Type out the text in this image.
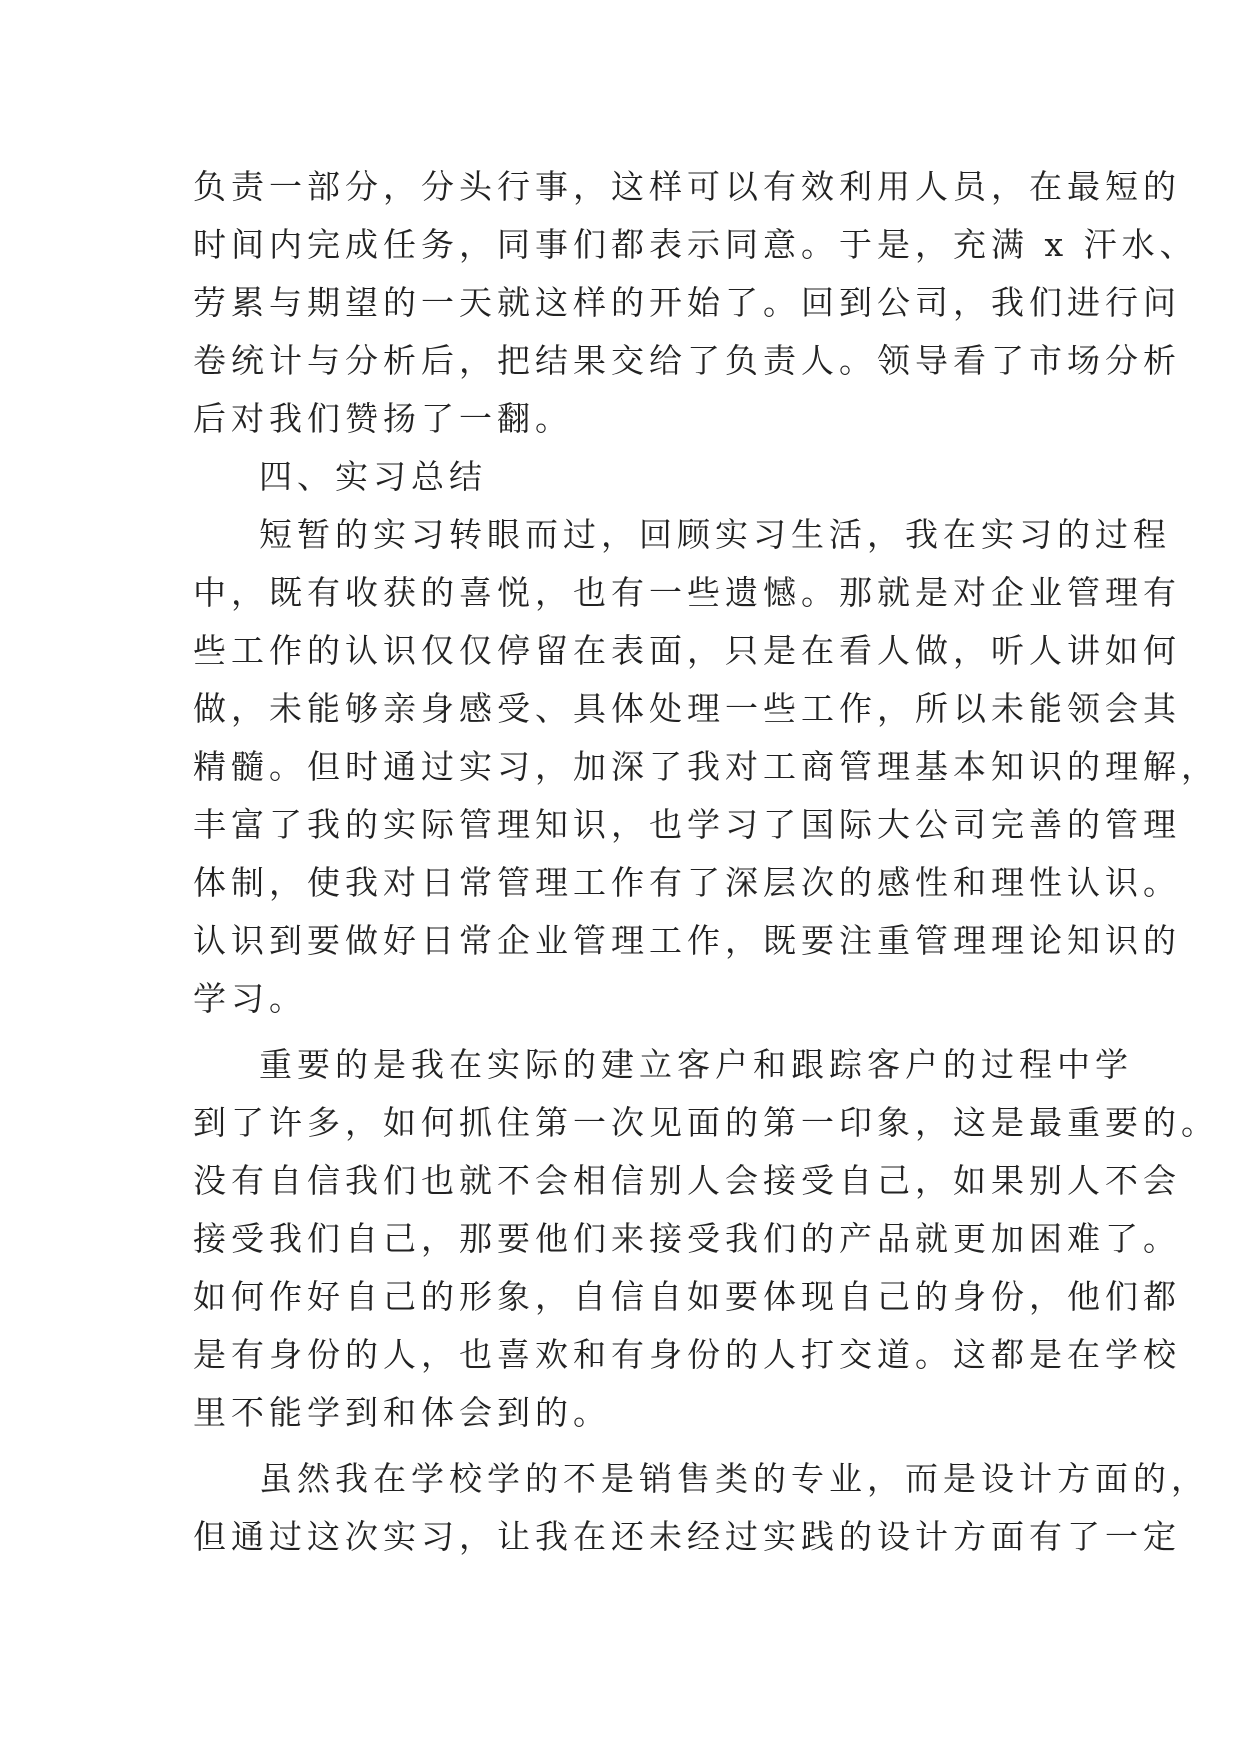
负责一部分，分头行事，这样可以有效利用人员，在最短的
时间内完成任务，同事们都表示同意。于是，充满 x 汗水、
劳累与期望的一天就这样的开始了。回到公司，我们进行问
卷统计与分析后，把结果交给了负责人。领导看了市场分析
后对我们赞扬了一翻。
四、实习总结
短暂的实习转眼而过，回顾实习生活，我在实习的过程
中，既有收获的喜悦，也有一些遗憾。那就是对企业管理有
些工作的认识仅仅停留在表面，只是在看人做，听人讲如何
做，未能够亲身感受、具体处理一些工作，所以未能领会其
精髓。但时通过实习，加深了我对工商管理基本知识的理解，
丰富了我的实际管理知识，也学习了国际大公司完善的管理
体制，使我对日常管理工作有了深层次的感性和理性认识。
认识到要做好日常企业管理工作，既要注重管理理论知识的
学习。
重要的是我在实际的建立客户和跟踪客户的过程中学
到了许多，如何抓住第一次见面的第一印象，这是最重要的。
没有自信我们也就不会相信别人会接受自己，如果别人不会
接受我们自己，那要他们来接受我们的产品就更加困难了。
如何作好自己的形象，自信自如要体现自己的身份，他们都
是有身份的人，也喜欢和有身份的人打交道。这都是在学校
里不能学到和体会到的。
虽然我在学校学的不是销售类的专业，而是设计方面的，
但通过这次实习，让我在还未经过实践的设计方面有了一定
